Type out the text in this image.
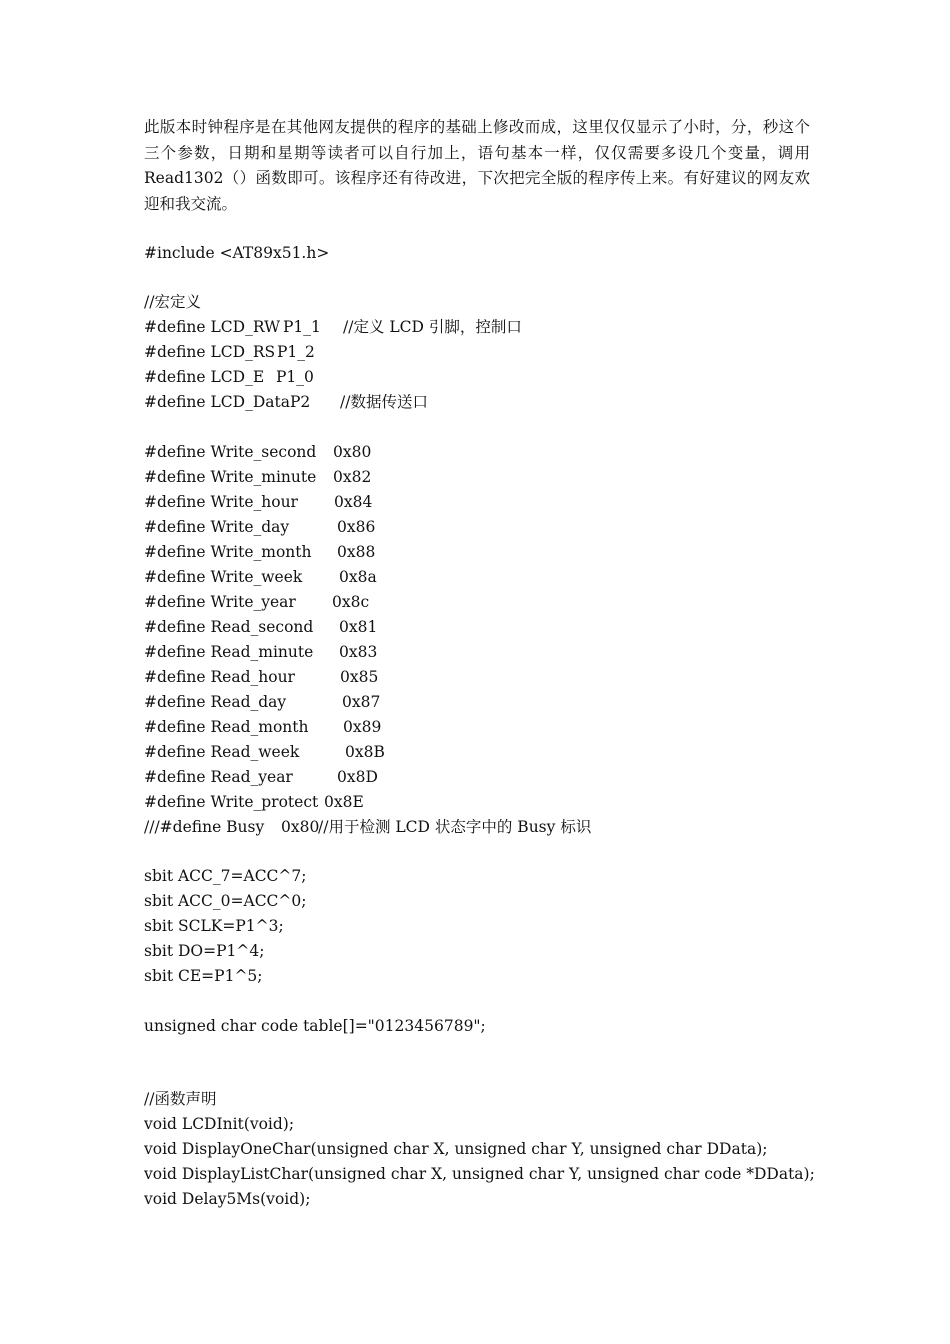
此版本时钟程序是在其他网友提供的程序的基础上修改而成，这里仅仅显示了小时，分，秒这个三个参数，日期和星期等读者可以自行加上，语句基本一样，仅仅需要多设几个变量，调用 Read1302（）函数即可。该程序还有待改进，下次把完全版的程序传上来。有好建议的网友欢迎和我交流。

#include <AT89x51.h>
//宏定义

#define LCD_RW

P1_1

//定义 LCD 引脚，控制口

#define LCD_RS

P1_2

#define LCD_E

P1_0

#define LCD_Data

P2

//数据传送口

#define Write_second

0x80

#define Write_minute

0x82

#define Write_hour

0x84

#define Write_day

	0x86

#define Write_month

0x88

#define Write_week

0x8a

#define Write_year

0x8c

#define Read_second

0x81

#define Read_minute

0x83

#define Read_hour

	0x85

#define Read_day

	0x87

#define Read_month

0x89

#define Read_week

	0x8B

#define Read_year

	0x8D

#define Write_protect

0x8E

///#define Busy

0x80

//用于检测 LCD 状态字中的 Busy 标识

sbit ACC_7=ACC^7;
sbit ACC_0=ACC^0;
sbit SCLK=P1^3;
sbit DO=P1^4;
sbit CE=P1^5;
unsigned char code table[]="0123456789";
//函数声明
void LCDInit(void);
void DisplayOneChar(unsigned char X, unsigned char Y, unsigned char DData);
void DisplayListChar(unsigned char X, unsigned char Y, unsigned char code *DData);
void Delay5Ms(void);
